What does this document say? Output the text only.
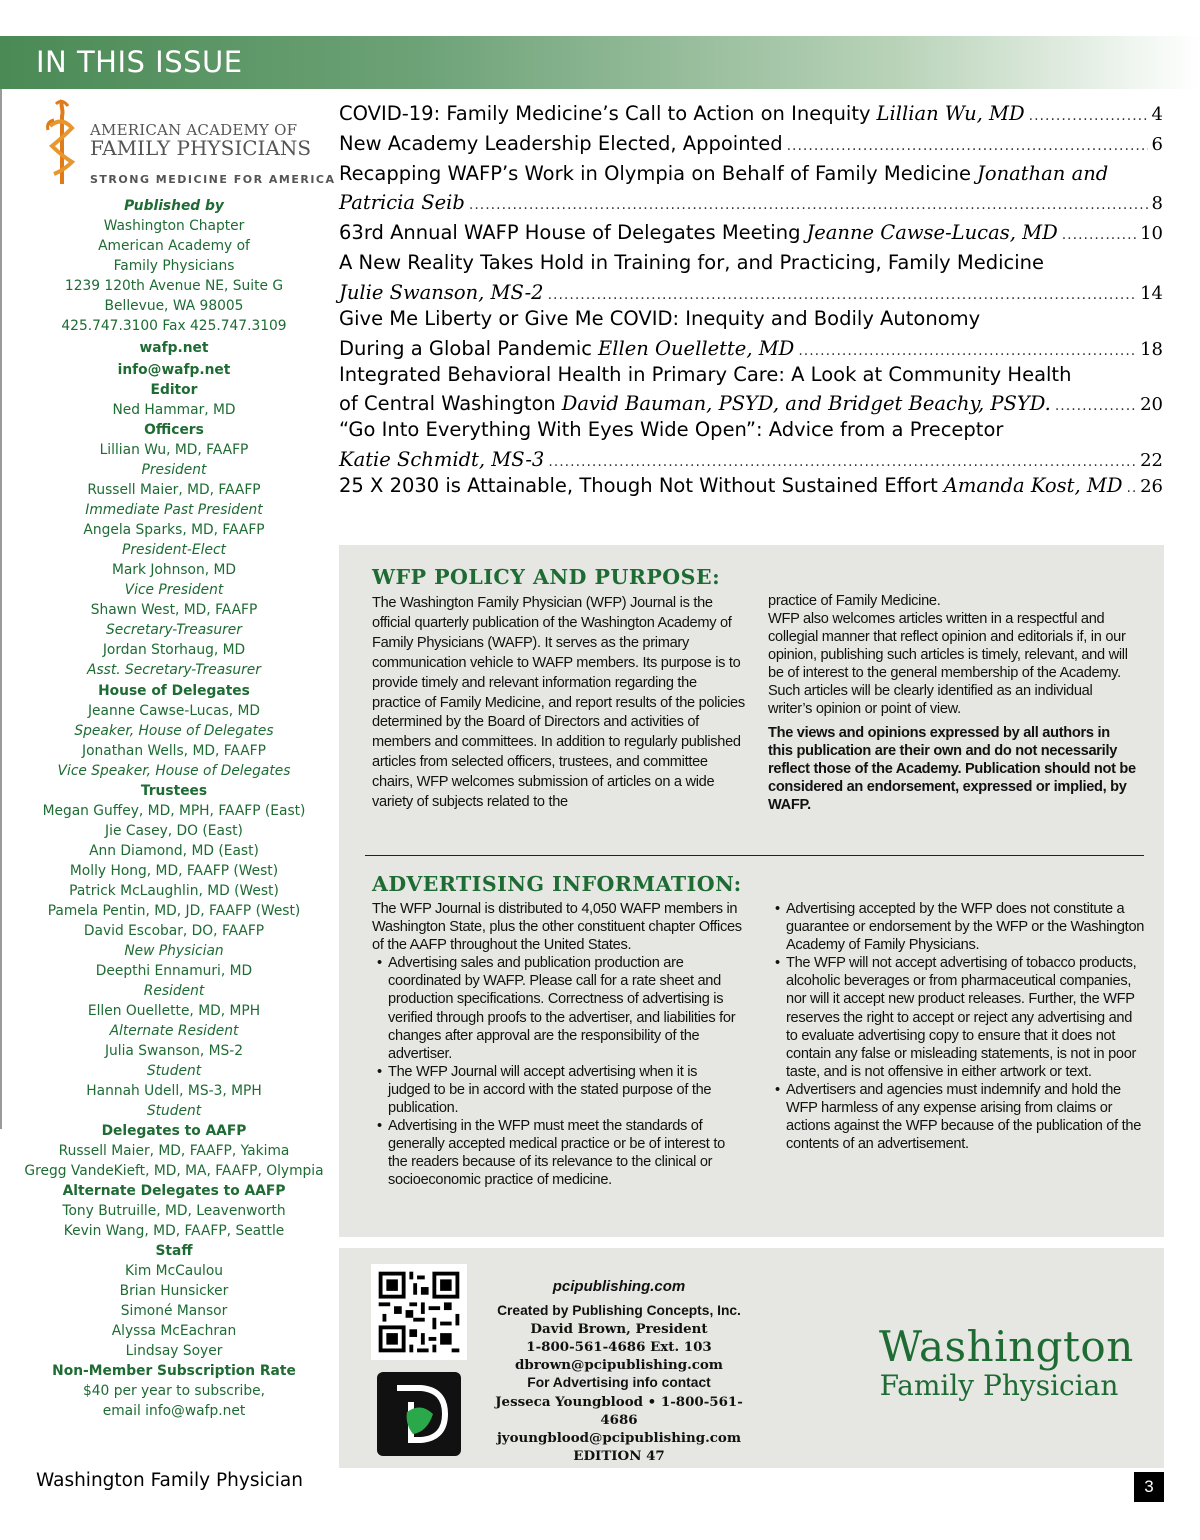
IN THIS ISSUE
AMERICAN ACADEMY OF
FAMILY PHYSICIANS
STRONG MEDICINE FOR AMERICA
Published by
Washington Chapter
American Academy of
Family Physicians
1239 120th Avenue NE, Suite G
Bellevue, WA 98005
425.747.3100 Fax 425.747.3109
wafp.net
info@wafp.net
Editor
Ned Hammar, MD
Officers
Lillian Wu, MD, FAAFP
President
Russell Maier, MD, FAAFP
Immediate Past President
Angela Sparks, MD, FAAFP
President-Elect
Mark Johnson, MD
Vice President
Shawn West, MD, FAAFP
Secretary-Treasurer
Jordan Storhaug, MD
Asst. Secretary-Treasurer
House of Delegates
Jeanne Cawse-Lucas, MD
Speaker, House of Delegates
Jonathan Wells, MD, FAAFP
Vice Speaker, House of Delegates
Trustees
Megan Guffey, MD, MPH, FAAFP (East)
Jie Casey, DO (East)
Ann Diamond, MD (East)
Molly Hong, MD, FAAFP (West)
Patrick McLaughlin, MD (West)
Pamela Pentin, MD, JD, FAAFP (West)
David Escobar, DO, FAAFP
New Physician
Deepthi Ennamuri, MD
Resident
Ellen Ouellette, MD, MPH
Alternate Resident
Julia Swanson, MS-2
Student
Hannah Udell, MS-3, MPH
Student
Delegates to AAFP
Russell Maier, MD, FAAFP, Yakima
Gregg VandeKieft, MD, MA, FAAFP, Olympia
Alternate Delegates to AAFP
Tony Butruille, MD, Leavenworth
Kevin Wang, MD, FAAFP, Seattle
Staff
Kim McCaulou
Brian Hunsicker
Simoné Mansor
Alyssa McEachran
Lindsay Soyer
Non-Member Subscription Rate
$40 per year to subscribe,
email info@wafp.net
COVID-19: Family Medicine’s Call to Action on Inequity Lillian Wu, MD .....	4
New Academy Leadership Elected, Appointed .....	6
Recapping WAFP’s Work in Olympia on Behalf of Family Medicine Jonathan and
Patricia Seib .....	8
63rd Annual WAFP House of Delegates Meeting Jeanne Cawse-Lucas, MD .....	10
A New Reality Takes Hold in Training for, and Practicing, Family Medicine
Julie Swanson, MS-2 .....	14
Give Me Liberty or Give Me COVID: Inequity and Bodily Autonomy
During a Global Pandemic Ellen Ouellette, MD .....	18
Integrated Behavioral Health in Primary Care: A Look at Community Health
of Central Washington David Bauman, PSYD, and Bridget Beachy, PSYD. .....	20
“Go Into Everything With Eyes Wide Open”: Advice from a Preceptor
Katie Schmidt, MS-3 .....	22
25 X 2030 is Attainable, Though Not Without Sustained Effort Amanda Kost, MD ..... 26
WFP POLICY AND PURPOSE:

The Washington Family Physician (WFP) Journal is the official quarterly publication of the Washington Academy of Family Physicians (WAFP). It serves as the primary communication vehicle to WAFP members. Its purpose is to provide timely and relevant information regarding the practice of Family Medicine, and report results of the policies determined by the Board of Directors and activities of members and committees. In addition to regularly published articles from selected officers, trustees, and committee chairs, WFP welcomes submission of articles on a wide variety of subjects related to the

practice of Family Medicine.

WFP also welcomes articles written in a respectful and collegial manner that reflect opinion and editorials if, in our opinion, publishing such articles is timely, relevant, and will be of interest to the general membership of the Academy. Such articles will be clearly identified as an individual writer’s opinion or point of view.

The views and opinions expressed by all authors in this publication are their own and do not necessarily reflect those of the Academy. Publication should not be considered an endorsement, expressed or implied, by WAFP.

ADVERTISING INFORMATION:

The WFP Journal is distributed to 4,050 WAFP members in Washington State, plus the other constituent chapter Offices of the AAFP throughout the United States.

• Advertising sales and publication production are coordinated by WAFP. Please call for a rate sheet and production specifications. Correctness of advertising is verified through proofs to the advertiser, and liabilities for changes after approval are the responsibility of the advertiser.
• The WFP Journal will accept advertising when it is judged to be in accord with the stated purpose of the publication.
• Advertising in the WFP must meet the standards of generally accepted medical practice or be of interest to the readers because of its relevance to the clinical or socioeconomic practice of medicine.
• Advertising accepted by the WFP does not constitute a guarantee or endorsement by the WFP or the Washington Academy of Family Physicians.
• The WFP will not accept advertising of tobacco products, alcoholic beverages or from pharmaceutical companies, nor will it accept new product releases. Further, the WFP reserves the right to accept or reject any advertising and to evaluate advertising copy to ensure that it does not contain any false or misleading statements, is not in poor taste, and is not offensive in either artwork or text.
• Advertisers and agencies must indemnify and hold the WFP harmless of any expense arising from claims or actions against the WFP because of the publication of the contents of an advertisement.
pcipublishing.com
Created by Publishing Concepts, Inc.
David Brown, President
1-800-561-4686 Ext. 103
dbrown@pcipublishing.com
For Advertising info contact
Jesseca Youngblood • 1-800-561-4686
jyoungblood@pcipublishing.com
EDITION 47
Washington
Family Physician
Washington Family Physician	3
